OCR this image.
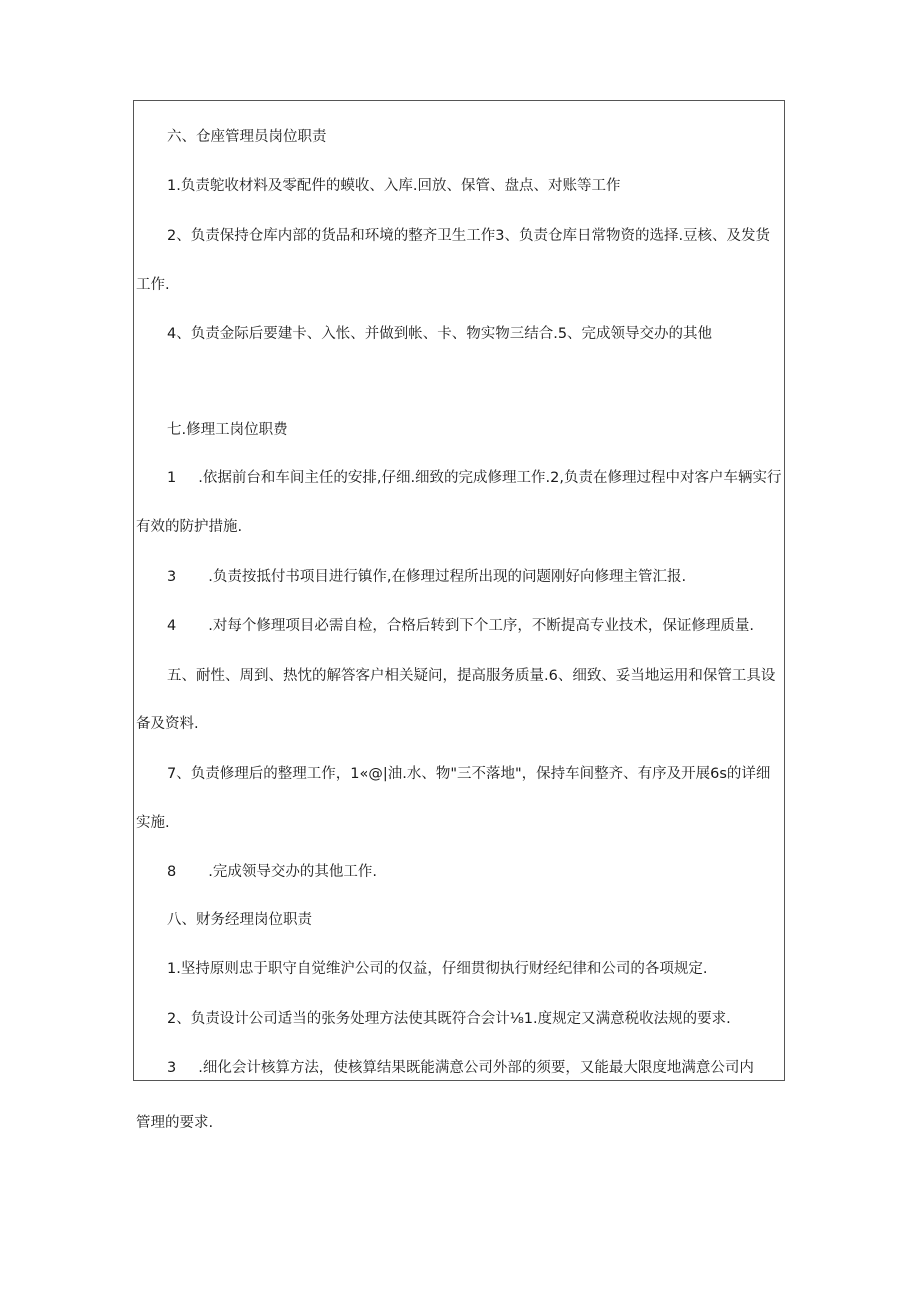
六、仓座管理员岗位职责
1.负责鸵收材料及零配件的蟆收、入库.回放、保管、盘点、对账等工作
2、负责保持仓库内部的货品和环境的整齐卫生工作3、负责仓库日常物资的选择.豆核、及发货
工作.
4、负责金际后要建卡、入怅、并做到帐、卡、物实物三结合.5、完成领导交办的其他
七.修理工岗位职费
1 .依据前台和车间主任的安排,仔细.细致的完成修理工作.2,负责在修理过程中对客户车辆实行
有效的防护措施.
3 .负责按抵付书项目进行镇作,在修理过程所出现的问题刚好向修理主管汇报.
4 .对每个修理项目必需自检，合格后转到下个工序，不断提高专业技术，保证修理质量.
五、耐性、周到、热忱的解答客户相关疑问，提高服务质量.6、细致、妥当地运用和保管工具设
备及资料.
7、负责修理后的整理工作，1«@|油.水、物"三不落地"，保持车间整齐、有序及开展6s的详细
实施.
8 .完成领导交办的其他工作.
八、财务经理岗位职责
1.坚持原则忠于职守自觉维沪公司的仅益，仔细贯彻执行财经纪律和公司的各项规定.
2、负责设计公司适当的张务处理方法使其既符合会计⅛1.度规定又满意税收法规的要求.
3 .细化会计核算方法，使核算结果既能满意公司外部的须要，又能最大限度地满意公司内
管理的要求.
